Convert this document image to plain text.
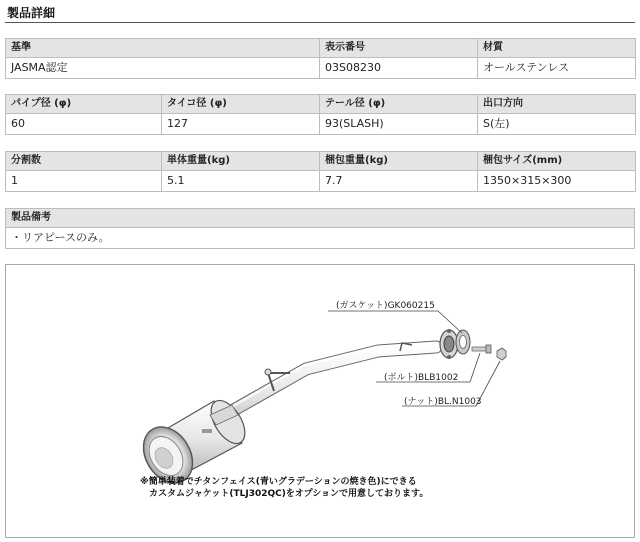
製品詳細
基準	表示番号	材質
JASMA認定	03S08230	オールステンレス
パイプ径 (φ)	タイコ径 (φ)	テール径 (φ)	出口方向
60	127	93(SLASH)	S(左)
分割数	単体重量(kg)	梱包重量(kg)	梱包サイズ(mm)
1	5.1	7.7	1350×315×300
製品備考
・リアピースのみ。
(ガスケット)GK060215
(ボルト)BLB1002
(ナット)BL.N1003
※簡単装着でチタンフェイス(青いグラデーションの焼き色)にできる
カスタムジャケット(TLJ302QC)をオプションで用意しております。
